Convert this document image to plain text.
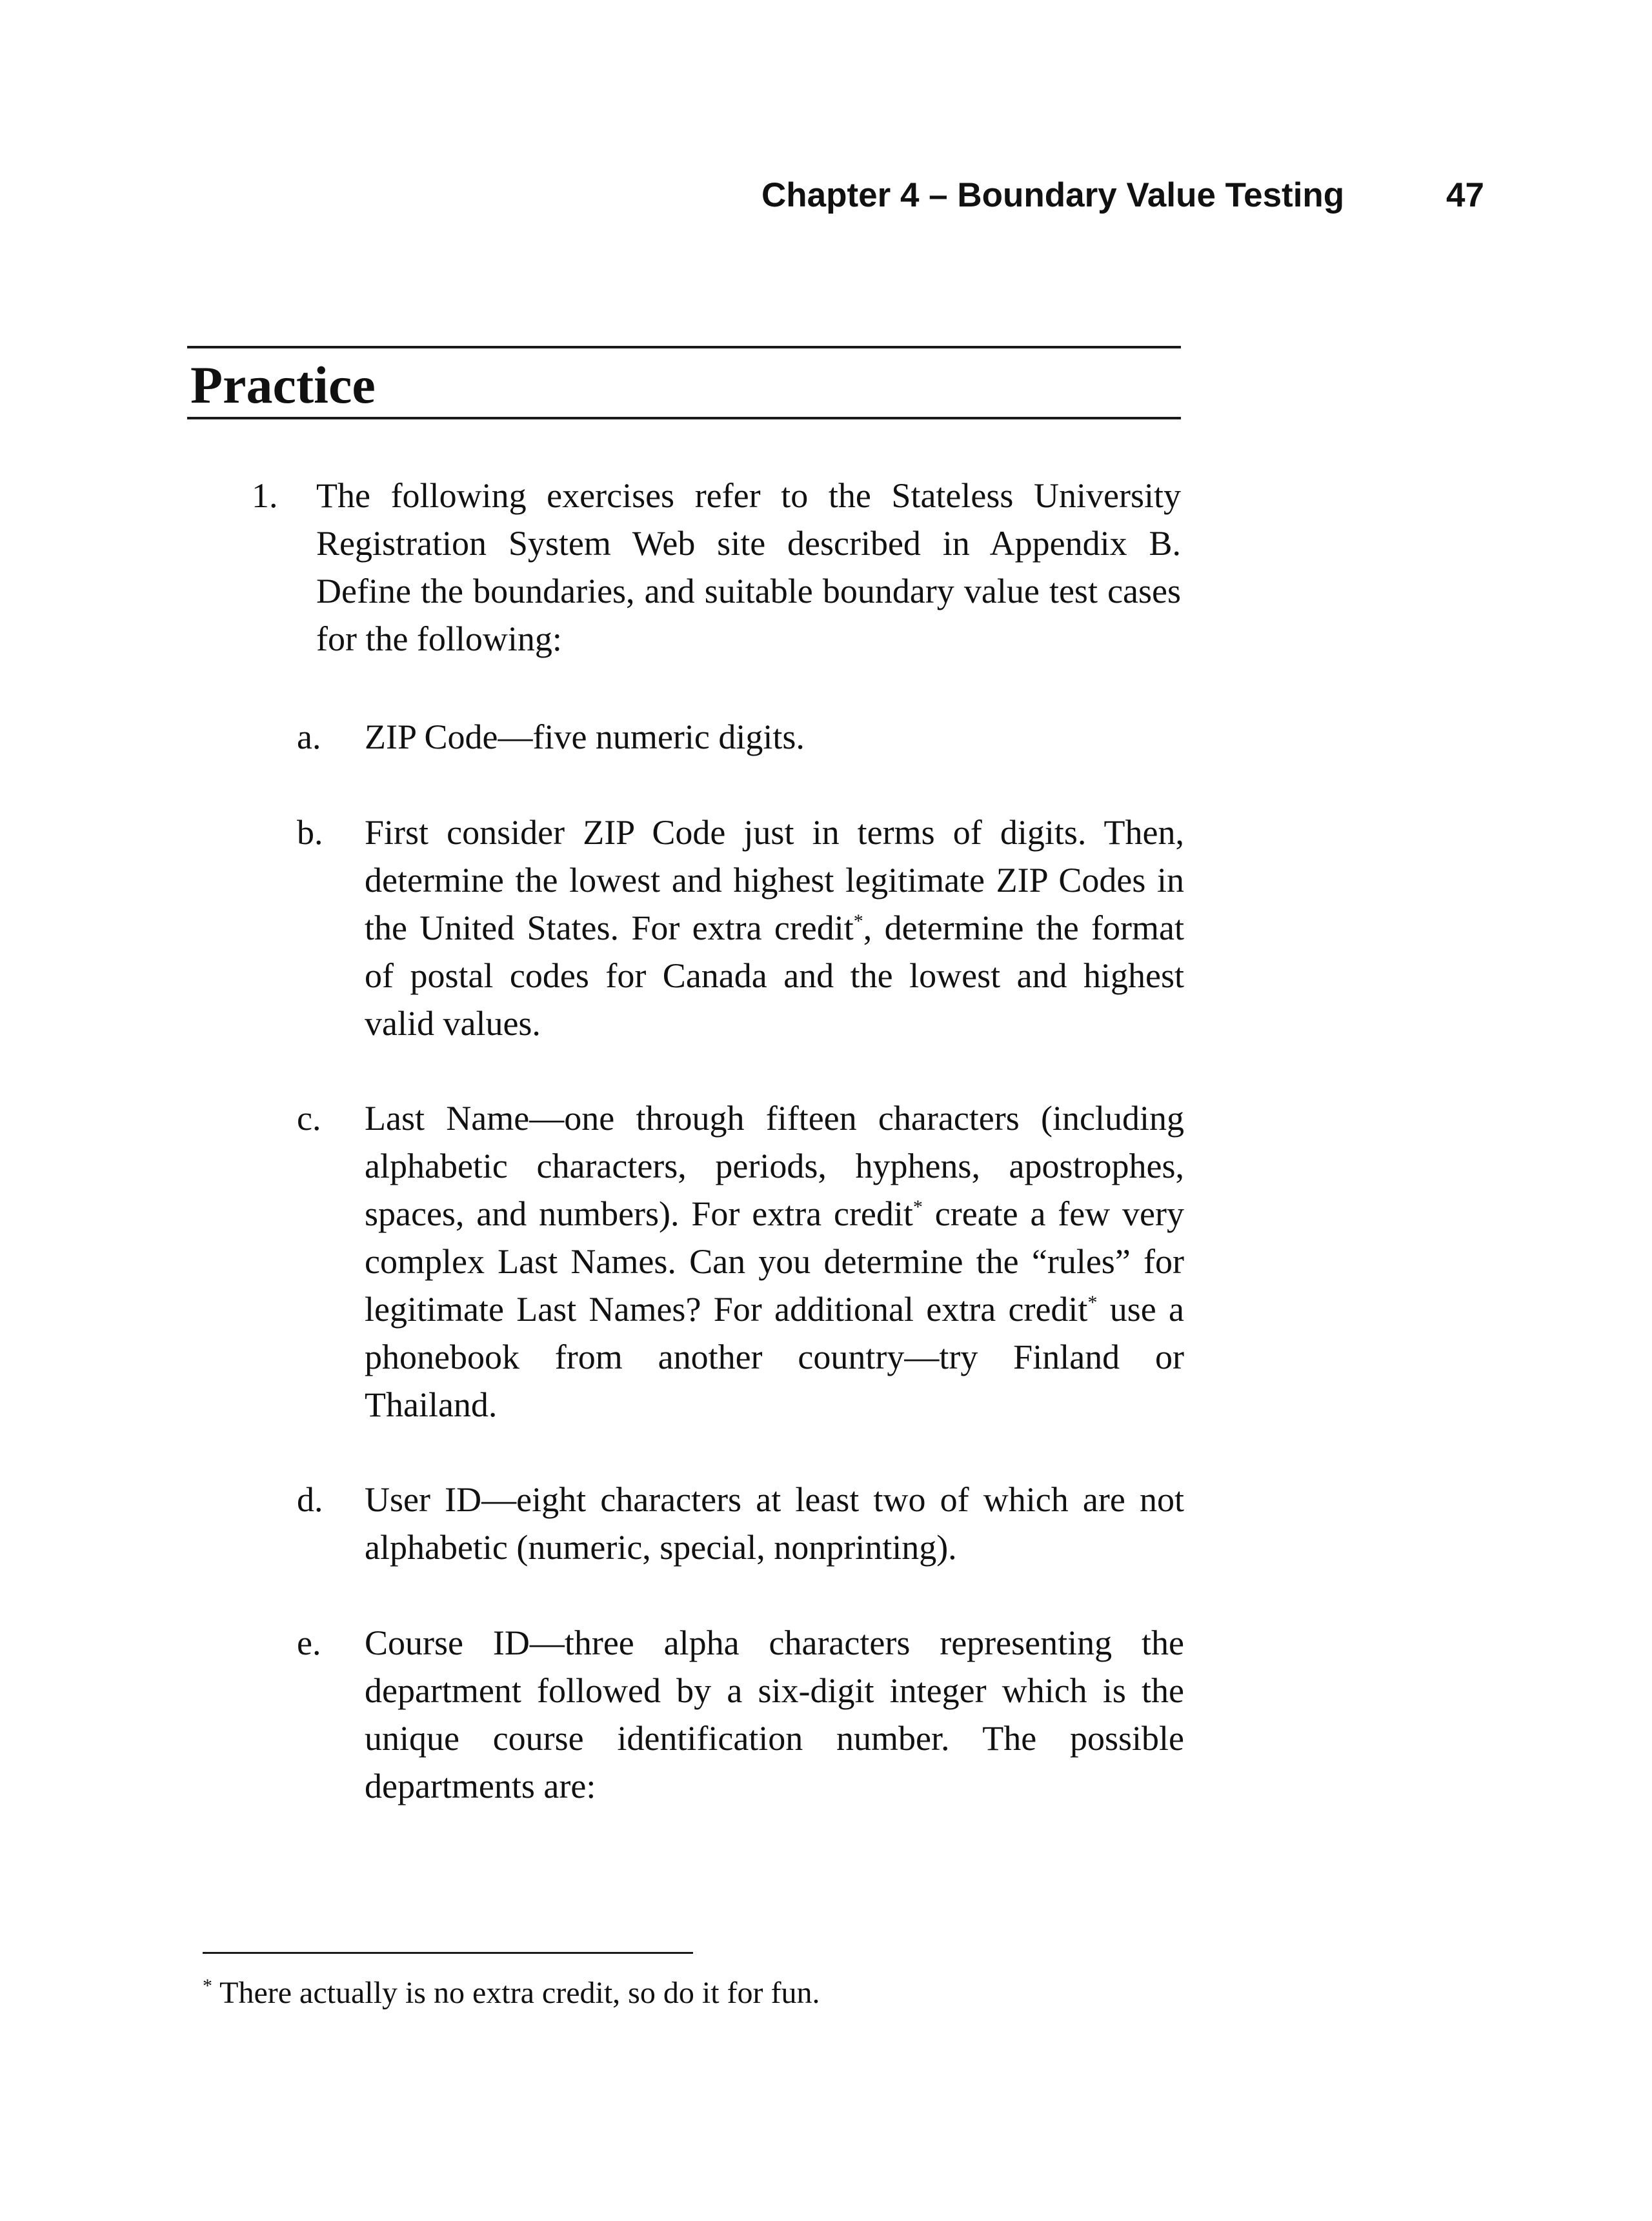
Chapter 4 – Boundary Value Testing	47
Practice
1. The following exercises refer to the Stateless University Registration System Web site described in Appendix B. Define the boundaries, and suitable boundary value test cases for the following:
a.	ZIP Code—five numeric digits.
b.	First consider ZIP Code just in terms of digits. Then, determine the lowest and highest legitimate ZIP Codes in the United States. For extra credit*, determine the format of postal codes for Canada and the lowest and highest valid values.
c.	Last Name—one through fifteen characters (including alphabetic characters, periods, hyphens, apostrophes, spaces, and numbers). For extra credit* create a few very complex Last Names. Can you determine the “rules” for legitimate Last Names? For additional extra credit* use a phonebook from another country—try Finland or Thailand.
d.	User ID—eight characters at least two of which are not alphabetic (numeric, special, nonprinting).
e.	Course ID—three alpha characters representing the department followed by a six-digit integer which is the unique course identification number. The possible departments are:
* There actually is no extra credit, so do it for fun.
